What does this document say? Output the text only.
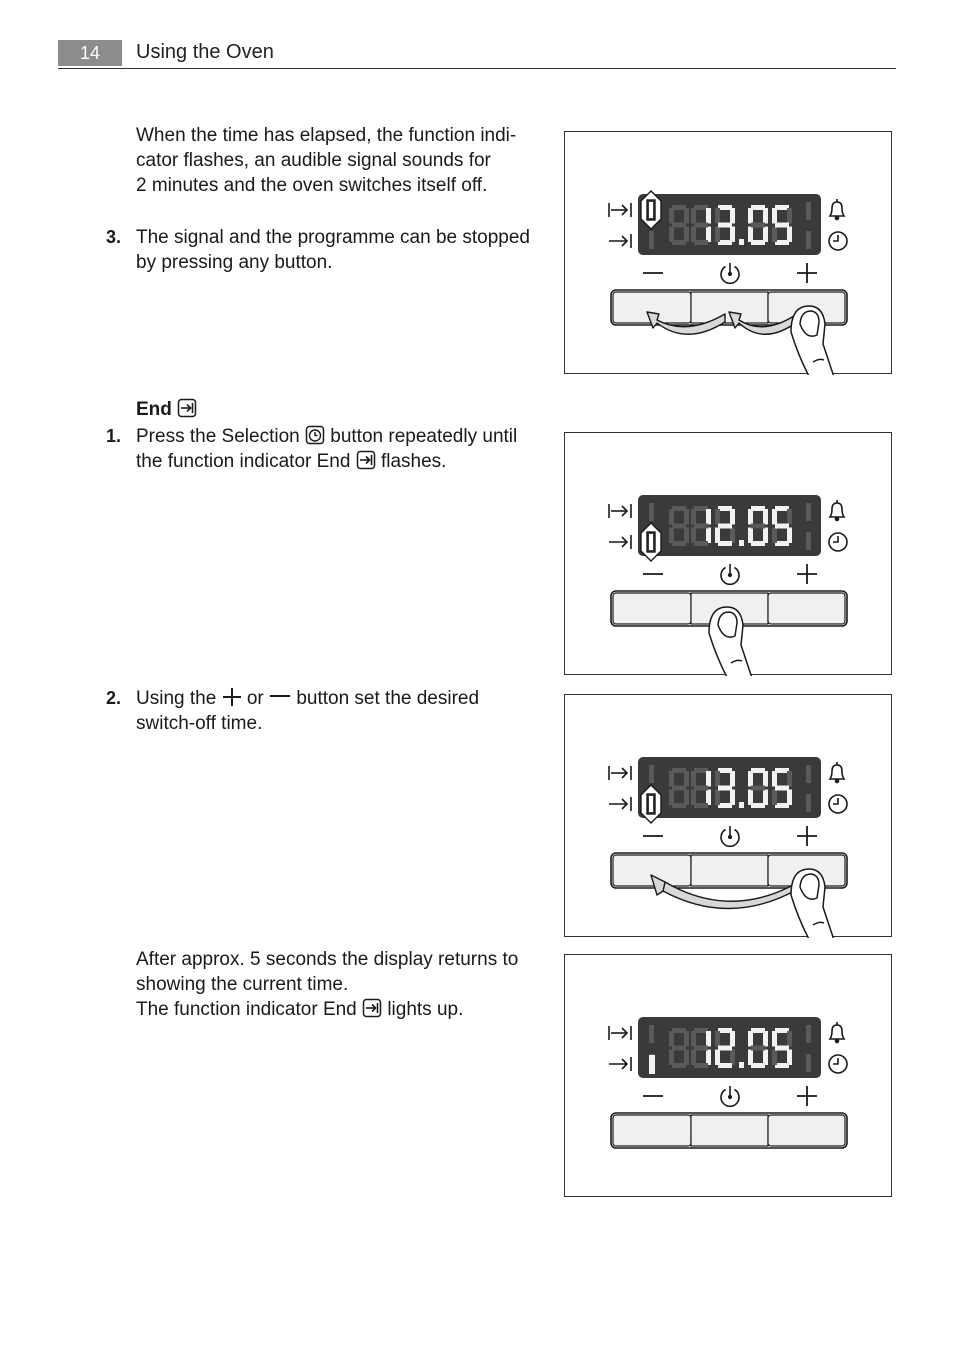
14	Using the Oven
When the time has elapsed, the function indi-
cator flashes, an audible signal sounds for
2 minutes and the oven switches itself off.
3. The signal and the programme can be stopped
by pressing any button.
End
1. Press the Selection button repeatedly until
the function indicator End flashes.
2. Using the or button set the desired
switch-off time.
After approx. 5 seconds the display returns to
showing the current time.
The function indicator End lights up.
